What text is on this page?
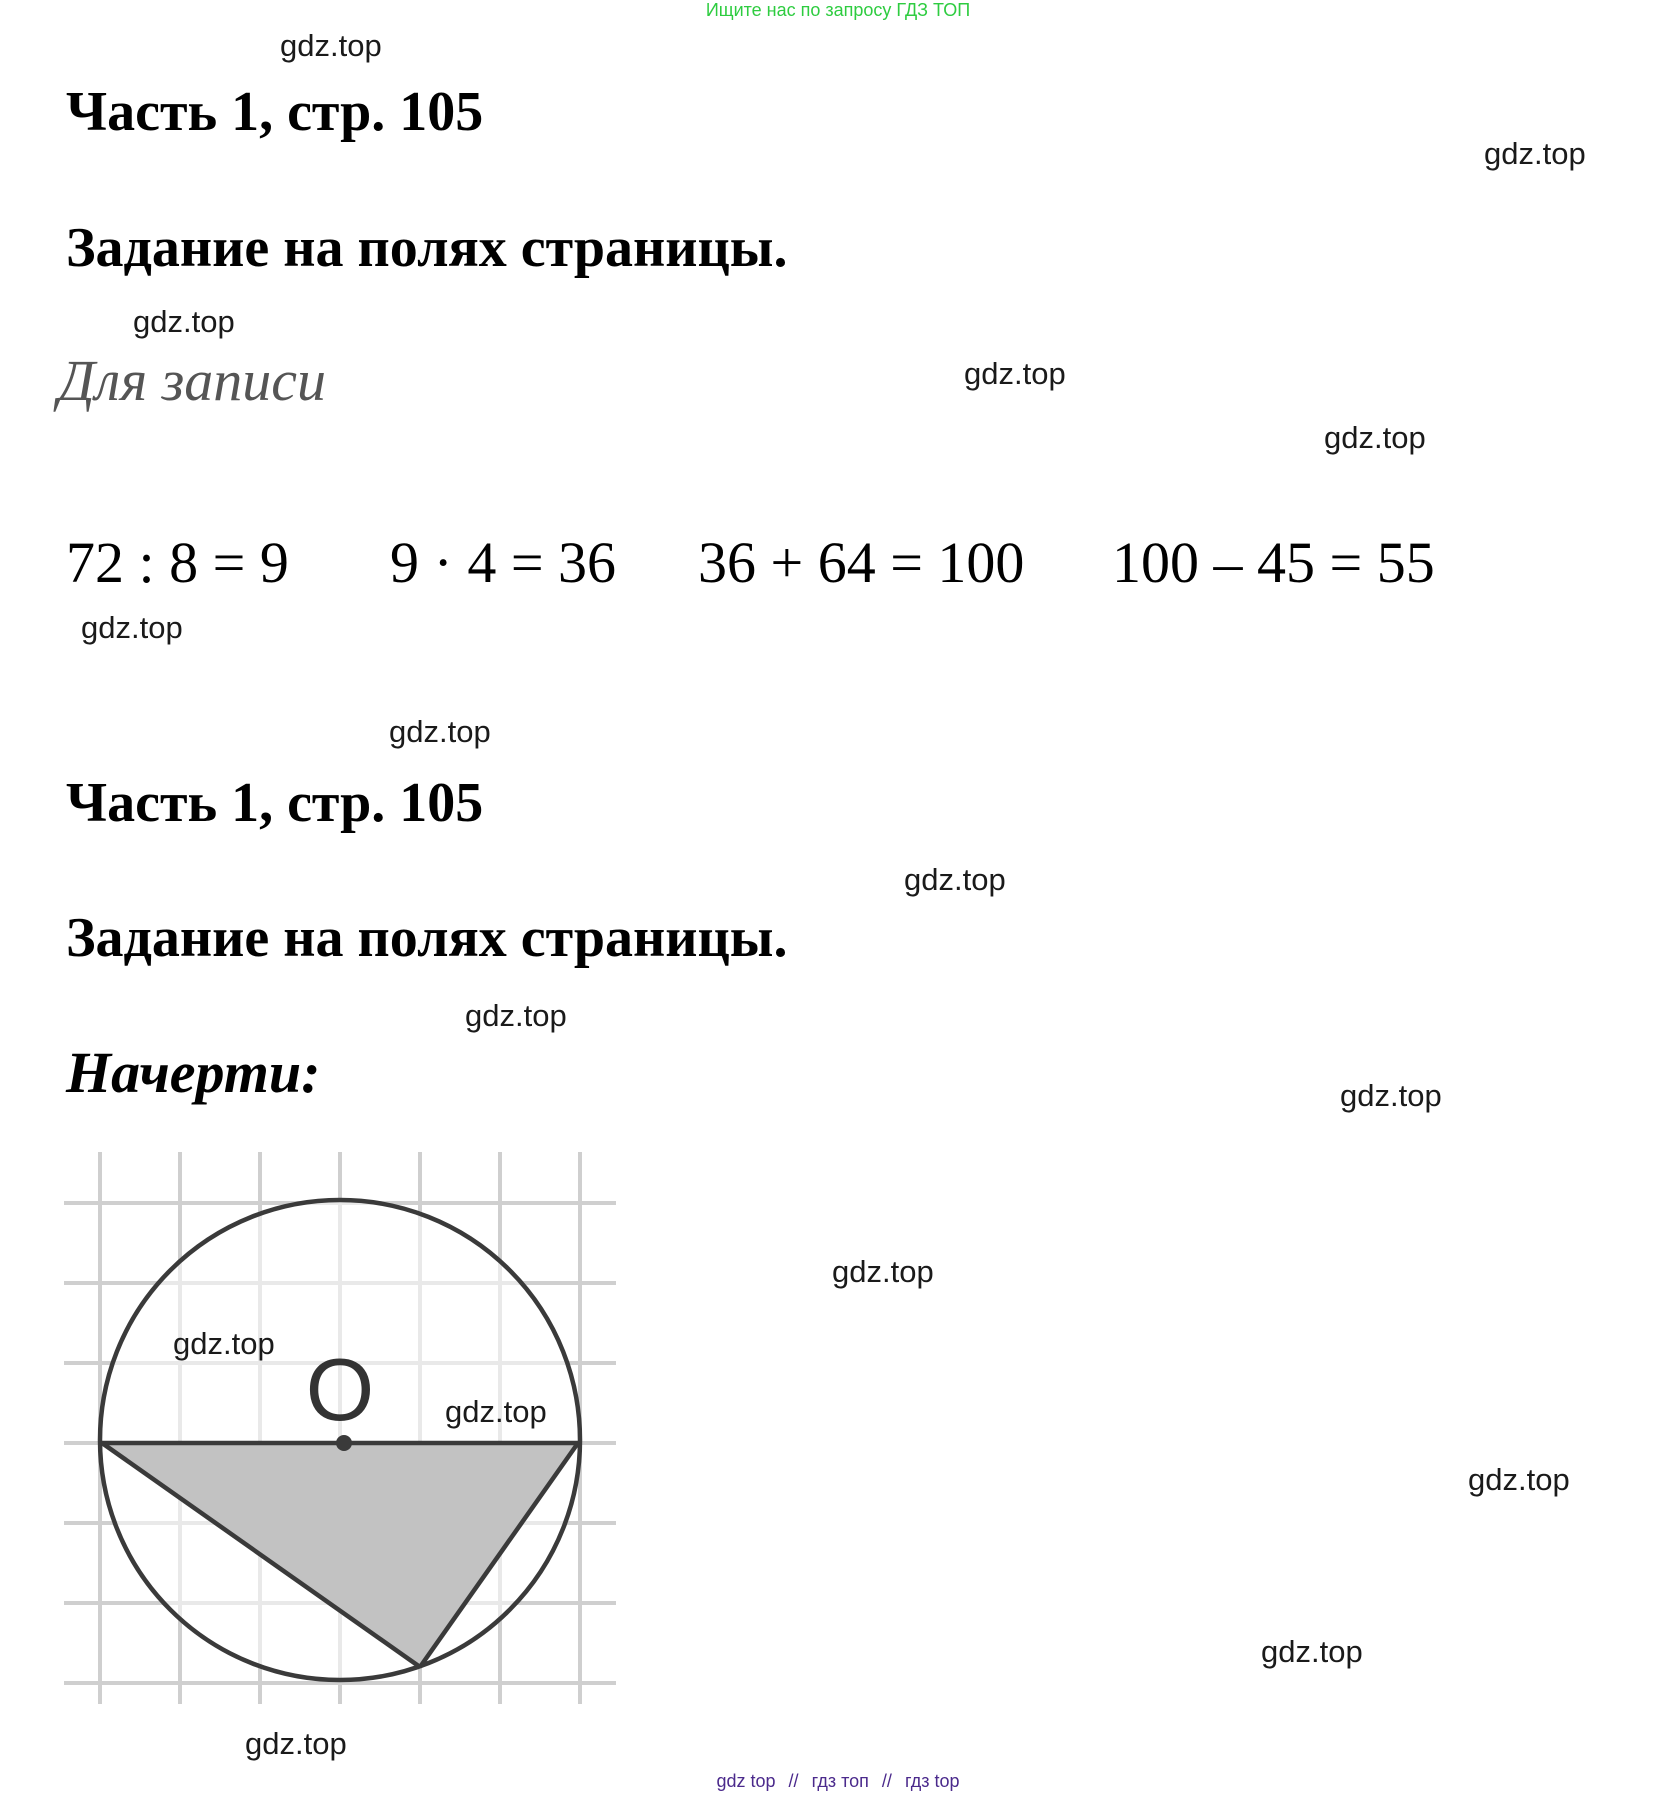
Ищите нас по запросу ГДЗ ТОП
Часть 1, стр. 105
Задание на полях страницы.
Для записи
72 : 8 = 9 9 · 4 = 36 36 + 64 = 100 100 – 45 = 55
Часть 1, стр. 105
Задание на полях страницы.
Начерти:
O
gdz.top
gdz.top
gdz.top
gdz.top
gdz.top
gdz.top
gdz.top
gdz.top
gdz.top
gdz.top
gdz.top
gdz.top
gdz.top
gdz.top
gdz.top
gdz.top
gdz top // гдз топ // гдз top
